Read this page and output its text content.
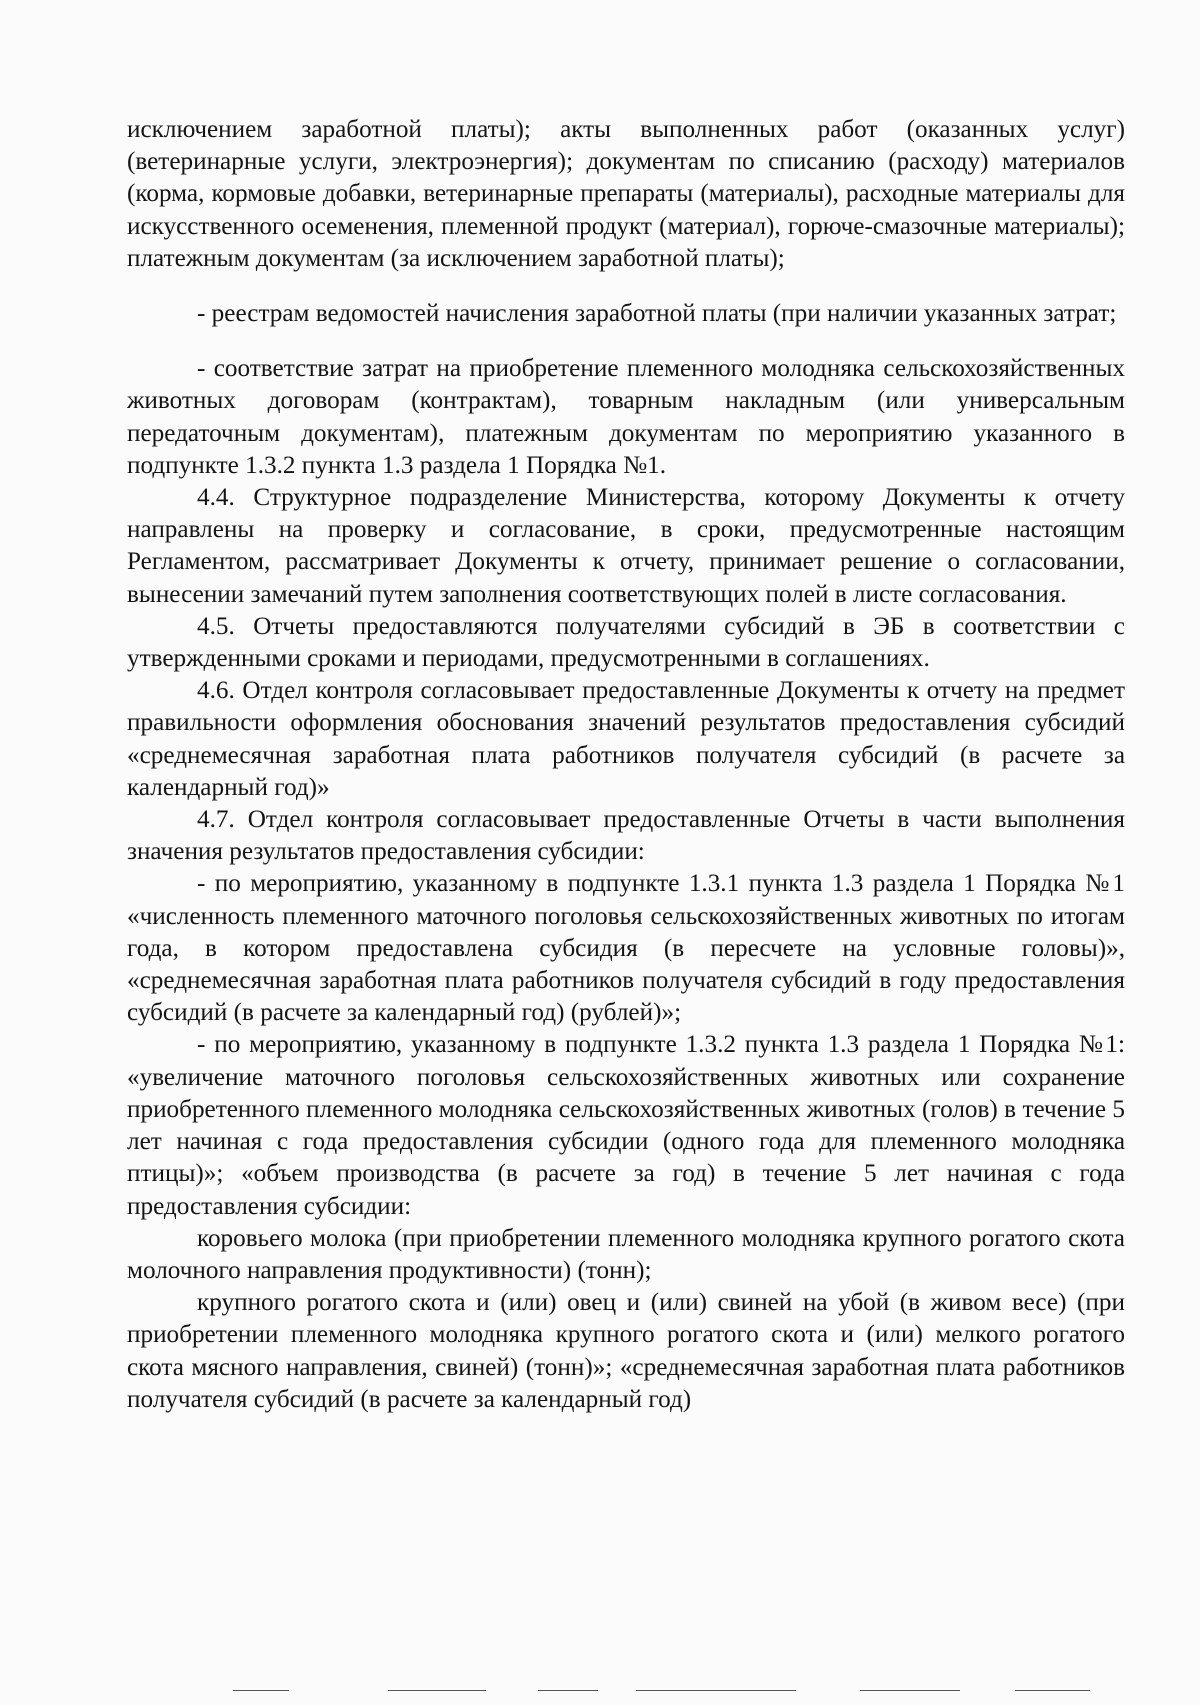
исключением заработной платы); акты выполненных работ (оказанных услуг) (ветеринарные услуги, электроэнергия); документам по списанию (расходу) материалов (корма, кормовые добавки, ветеринарные препараты (материалы), расходные материалы для искусственного осеменения, племенной продукт (материал), горюче-смазочные материалы); платежным документам (за исключением заработной платы);

- реестрам ведомостей начисления заработной платы (при наличии указанных затрат;

- соответствие затрат на приобретение племенного молодняка сельскохозяйственных животных договорам (контрактам), товарным накладным (или универсальным передаточным документам), платежным документам по мероприятию указанного в подпункте 1.3.2 пункта 1.3 раздела 1 Порядка №1.

4.4. Структурное подразделение Министерства, которому Документы к отчету направлены на проверку и согласование, в сроки, предусмотренные настоящим Регламентом, рассматривает Документы к отчету, принимает решение о согласовании, вынесении замечаний путем заполнения соответствующих полей в листе согласования.

4.5. Отчеты предоставляются получателями субсидий в ЭБ в соответствии с утвержденными сроками и периодами, предусмотренными в соглашениях.

4.6. Отдел контроля согласовывает предоставленные Документы к отчету на предмет правильности оформления обоснования значений результатов предоставления субсидий «среднемесячная заработная плата работников получателя субсидий (в расчете за календарный год)»

4.7. Отдел контроля согласовывает предоставленные Отчеты в части выполнения значения результатов предоставления субсидии:

- по мероприятию, указанному в подпункте 1.3.1 пункта 1.3 раздела 1 Порядка №1 «численность племенного маточного поголовья сельскохозяйственных животных по итогам года, в котором предоставлена субсидия (в пересчете на условные головы)», «среднемесячная заработная плата работников получателя субсидий в году предоставления субсидий (в расчете за календарный год) (рублей)»;

- по мероприятию, указанному в подпункте 1.3.2 пункта 1.3 раздела 1 Порядка №1: «увеличение маточного поголовья сельскохозяйственных животных или сохранение приобретенного племенного молодняка сельскохозяйственных животных (голов) в течение 5 лет начиная с года предоставления субсидии (одного года для племенного молодняка птицы)»; «объем производства (в расчете за год) в течение 5 лет начиная с года предоставления субсидии:

коровьего молока (при приобретении племенного молодняка крупного рогатого скота молочного направления продуктивности) (тонн);

крупного рогатого скота и (или) овец и (или) свиней на убой (в живом весе) (при приобретении племенного молодняка крупного рогатого скота и (или) мелкого рогатого скота мясного направления, свиней) (тонн)»; «среднемесячная заработная плата работников получателя субсидий (в расчете за календарный год)
